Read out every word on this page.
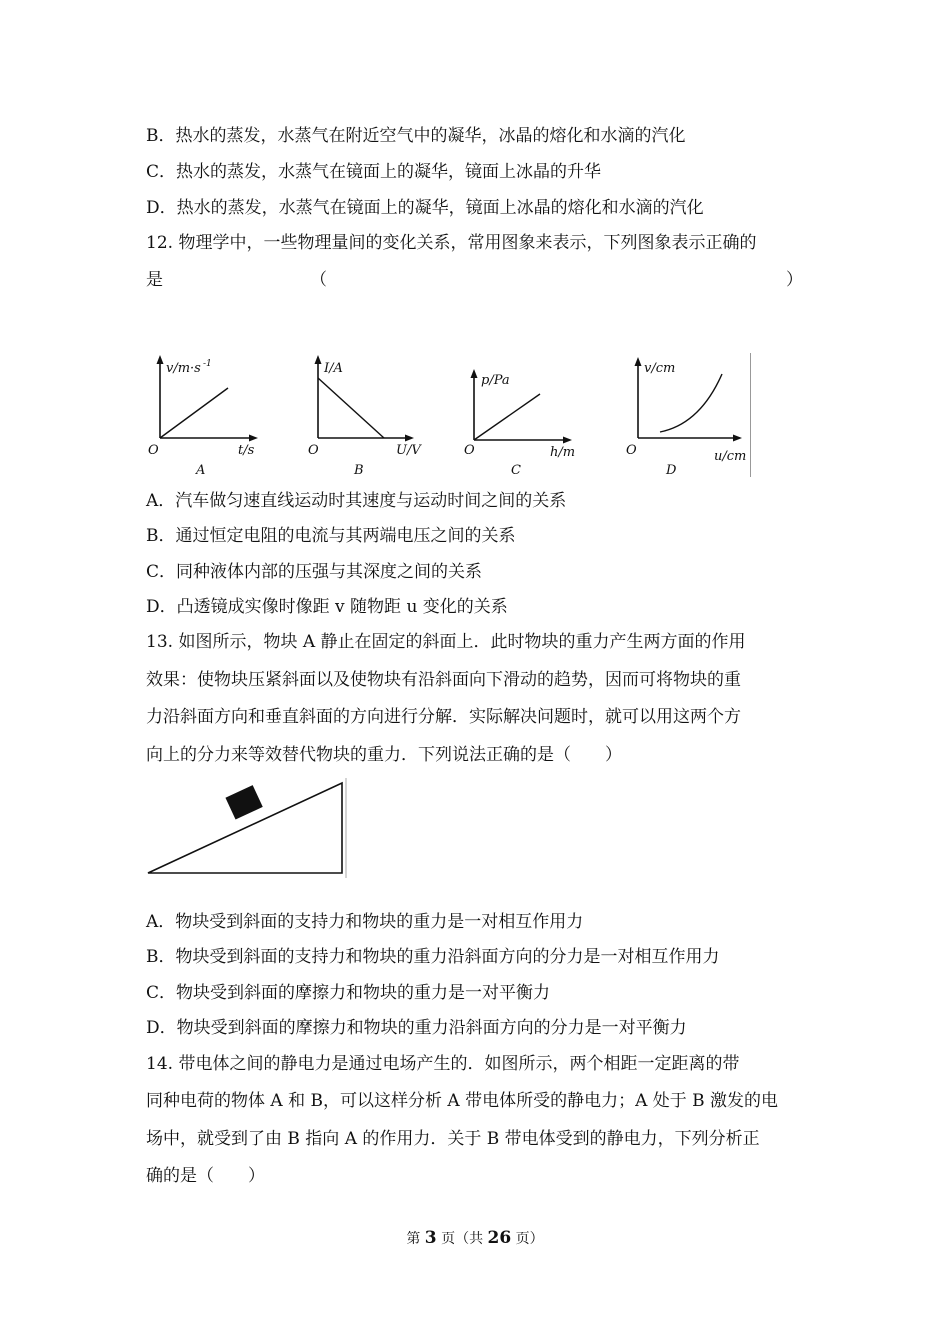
B．热水的蒸发，水蒸气在附近空气中的凝华，冰晶的熔化和水滴的汽化
C．热水的蒸发，水蒸气在镜面上的凝华，镜面上冰晶的升华
D．热水的蒸发，水蒸气在镜面上的凝华，镜面上冰晶的熔化和水滴的汽化
12. 物理学中，一些物理量间的变化关系，常用图象来表示，下列图象表示正确的
是	（	）
v/m·s -1
O	t/s
A
I/A
O	U/V
B
p/Pa
O	h/m
C
v/cm
O	u/cm
D
A．汽车做匀速直线运动时其速度与运动时间之间的关系
B．通过恒定电阻的电流与其两端电压之间的关系
C．同种液体内部的压强与其深度之间的关系
D．凸透镜成实像时像距 v 随物距 u 变化的关系
13. 如图所示，物块 A 静止在固定的斜面上．此时物块的重力产生两方面的作用
效果：使物块压紧斜面以及使物块有沿斜面向下滑动的趋势，因而可将物块的重
力沿斜面方向和垂直斜面的方向进行分解．实际解决问题时，就可以用这两个方
向上的分力来等效替代物块的重力．下列说法正确的是（　　）
A．物块受到斜面的支持力和物块的重力是一对相互作用力
B．物块受到斜面的支持力和物块的重力沿斜面方向的分力是一对相互作用力
C．物块受到斜面的摩擦力和物块的重力是一对平衡力
D．物块受到斜面的摩擦力和物块的重力沿斜面方向的分力是一对平衡力
14. 带电体之间的静电力是通过电场产生的．如图所示，两个相距一定距离的带
同种电荷的物体 A 和 B，可以这样分析 A 带电体所受的静电力；A 处于 B 激发的电
场中，就受到了由 B 指向 A 的作用力．关于 B 带电体受到的静电力，下列分析正
确的是（　　）
第 3 页（共 26 页）
